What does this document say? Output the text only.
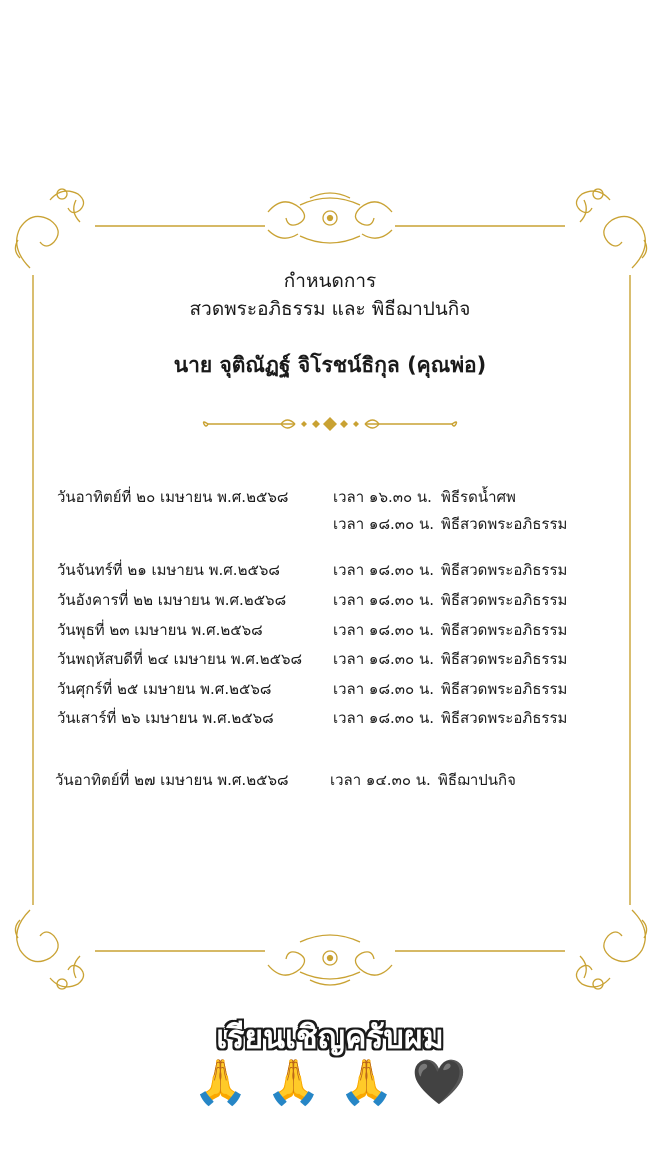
กำหนดการ
สวดพระอภิธรรม และ พิธีฌาปนกิจ
นาย จุติณัฏฐ์ จิโรชน์ธิกุล (คุณพ่อ)
วันอาทิตย์ที่ ๒๐ เมษายน พ.ศ.๒๕๖๘	เวลา ๑๖.๓๐ น. พิธีรดน้ำศพ
เวลา ๑๘.๓๐ น. พิธีสวดพระอภิธรรม
วันจันทร์ที่ ๒๑ เมษายน พ.ศ.๒๕๖๘	เวลา ๑๘.๓๐ น. พิธีสวดพระอภิธรรม
วันอังคารที่ ๒๒ เมษายน พ.ศ.๒๕๖๘	เวลา ๑๘.๓๐ น. พิธีสวดพระอภิธรรม
วันพุธที่ ๒๓ เมษายน พ.ศ.๒๕๖๘	เวลา ๑๘.๓๐ น. พิธีสวดพระอภิธรรม
วันพฤหัสบดีที่ ๒๔ เมษายน พ.ศ.๒๕๖๘ เวลา ๑๘.๓๐ น. พิธีสวดพระอภิธรรม
วันศุกร์ที่ ๒๕ เมษายน พ.ศ.๒๕๖๘	เวลา ๑๘.๓๐ น. พิธีสวดพระอภิธรรม
วันเสาร์ที่ ๒๖ เมษายน พ.ศ.๒๕๖๘	เวลา ๑๘.๓๐ น. พิธีสวดพระอภิธรรม
วันอาทิตย์ที่ ๒๗ เมษายน พ.ศ.๒๕๖๘	เวลา ๑๔.๓๐ น. พิธีฌาปนกิจ
เรียนเชิญครับผม
🙏 🙏 🙏 🖤
